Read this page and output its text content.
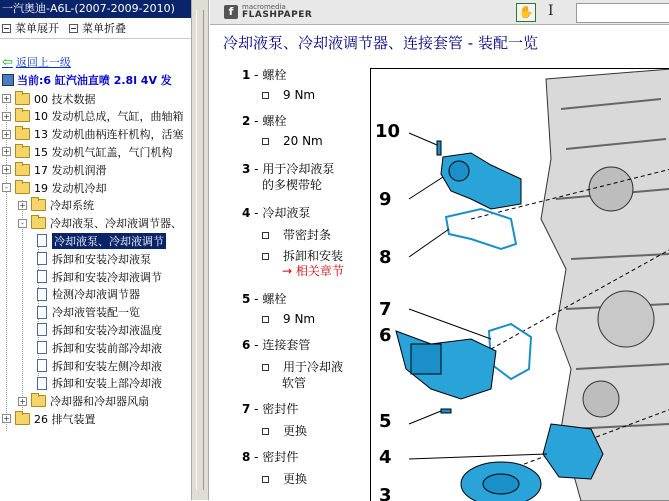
一汽奥迪-A6L-(2007-2009-2010)
菜单展开 菜单折叠
⇦ 返回上一级
当前:6 缸汽油直喷 2.8l 4V 发
+ 00 技术数据
+ 10 发动机总成，气缸，曲轴箱
+ 13 发动机曲柄连杆机构，活塞
+ 15 发动机气缸盖，气门机构
+ 17 发动机润滑
- 19 发动机冷却
+ 冷却系统
- 冷却液泵、冷却液调节器、
冷却液泵、冷却液调节
拆卸和安装冷却液泵
拆卸和安装冷却液调节
检测冷却液调节器
冷却液管装配一览
拆卸和安装冷却液温度
拆卸和安装前部冷却液
拆卸和安装左侧冷却液
拆卸和安装上部冷却液
+ 冷却器和冷却器风扇
+ 26 排气装置
f	macromedia
FLASHPAPER	✋ I
冷却液泵、冷却液调节器、连接套管 - 装配一览
1 - 螺栓
9 Nm
2 - 螺栓
20 Nm
3 - 用于冷却液泵
的多楔带轮
4 - 冷却液泵
带密封条
拆卸和安装
→ 相关章节
5 - 螺栓
9 Nm
6 - 连接套管
用于冷却液
软管
7 - 密封件
更换
8 - 密封件
更换
10
9
8
7
6
5
4
3
